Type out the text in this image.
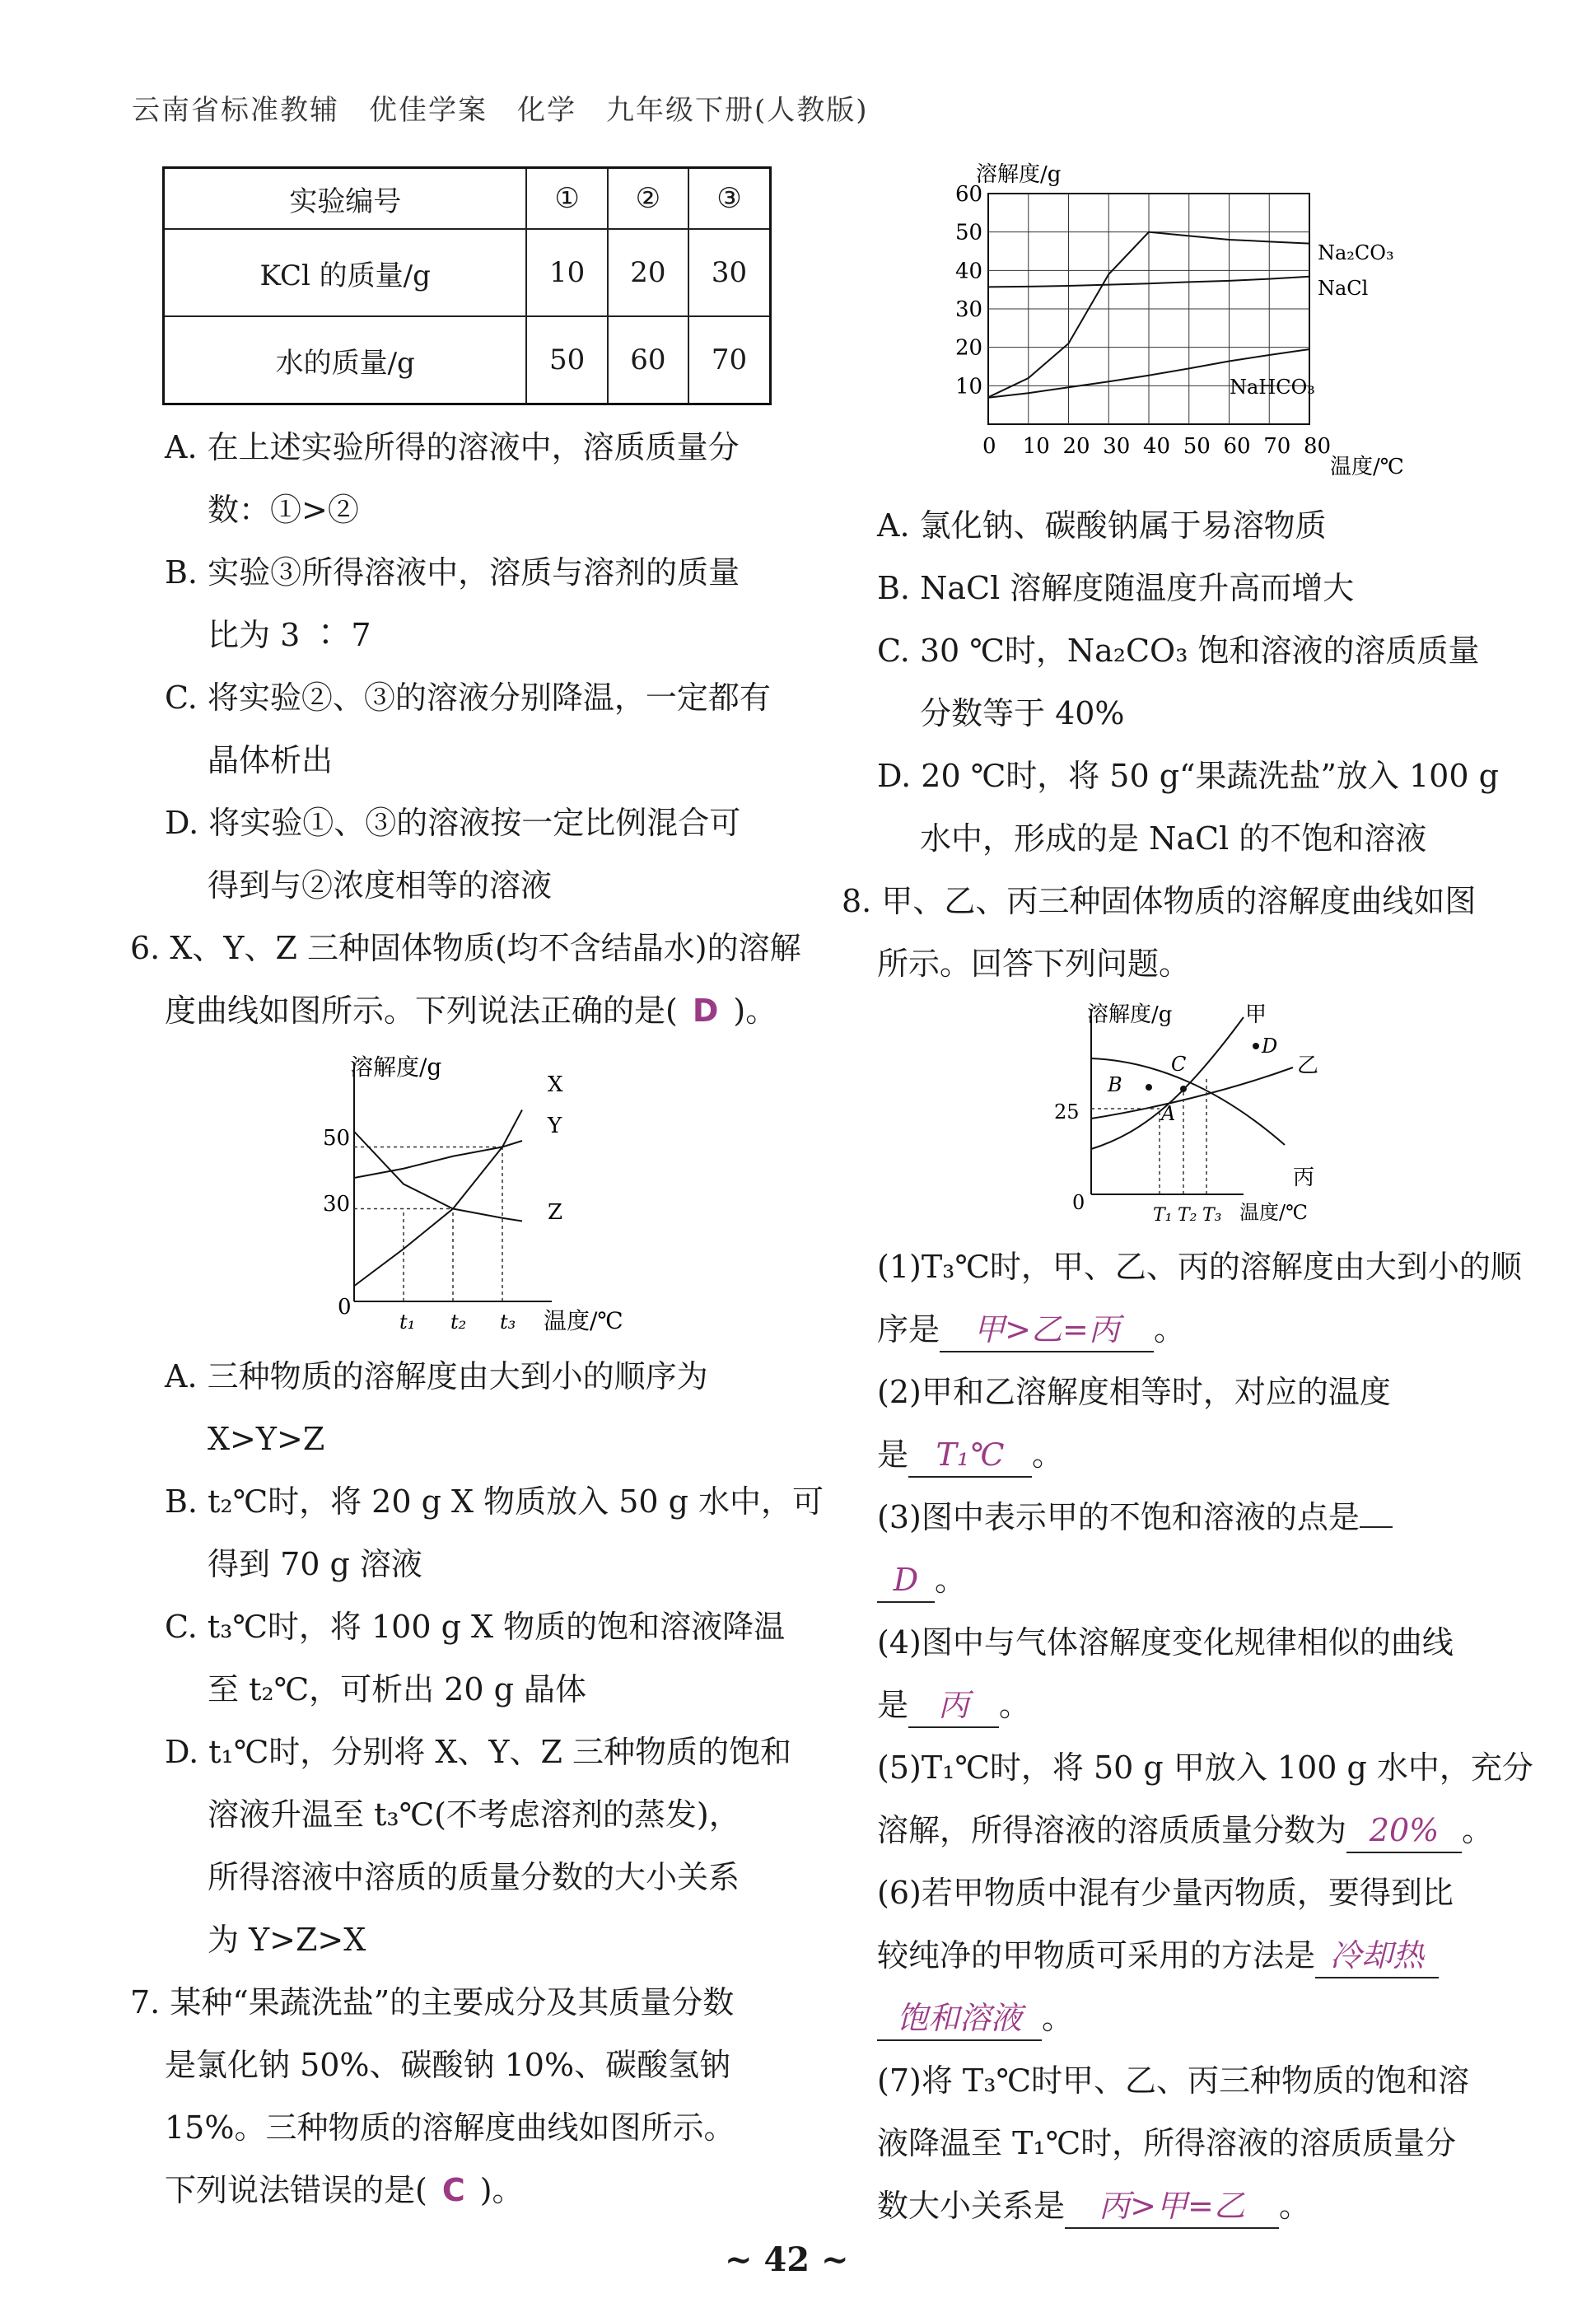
云南省标准教辅　优佳学案　化学　九年级下册(人教版)
实验编号	①	②	③
KCl 的质量/g	10	20	30
水的质量/g	50	60	70
A. 在上述实验所得的溶液中，溶质质量分
数：①>②
B. 实验③所得溶液中，溶质与溶剂的质量
比为 3 ∶ 7
C. 将实验②、③的溶液分别降温，一定都有
晶体析出
D. 将实验①、③的溶液按一定比例混合可
得到与②浓度相等的溶液
6. X、Y、Z 三种固体物质(均不含结晶水)的溶解
度曲线如图所示。下列说法正确的是( D )。
溶解度/g
温度/℃
0
50
30
t₁ t₂ t₃
X
Y
Z
A. 三种物质的溶解度由大到小的顺序为
X>Y>Z
B. t₂℃时，将 20 g X 物质放入 50 g 水中，可
得到 70 g 溶液
C. t₃℃时，将 100 g X 物质的饱和溶液降温
至 t₂℃，可析出 20 g 晶体
D. t₁℃时，分别将 X、Y、Z 三种物质的饱和
溶液升温至 t₃℃(不考虑溶剂的蒸发)，
所得溶液中溶质的质量分数的大小关系
为 Y>Z>X
7. 某种“果蔬洗盐”的主要成分及其质量分数
是氯化钠 50%、碳酸钠 10%、碳酸氢钠
15%。三种物质的溶解度曲线如图所示。
下列说法错误的是( C )。
溶解度/g
温度/℃
0 10 20 30 40 50 60 70 80
10
20
30
40
50
60
Na₂CO₃
NaCl
NaHCO₃
A. 氯化钠、碳酸钠属于易溶物质
B. NaCl 溶解度随温度升高而增大
C. 30 ℃时，Na₂CO₃ 饱和溶液的溶质质量
分数等于 40%
D. 20 ℃时，将 50 g“果蔬洗盐”放入 100 g
水中，形成的是 NaCl 的不饱和溶液
8. 甲、乙、丙三种固体物质的溶解度曲线如图
所示。回答下列问题。
溶解度/g
温度/℃
0
25
T₁ T₂ T₃
甲
乙
丙
A
B
C
D
(1)T₃℃时，甲、乙、丙的溶解度由大到小的顺
序是 甲>乙=丙 。
(2)甲和乙溶解度相等时，对应的温度
是 T₁℃ 。
(3)图中表示甲的不饱和溶液的点是
D 。
(4)图中与气体溶解度变化规律相似的曲线
是 丙 。
(5)T₁℃时，将 50 g 甲放入 100 g 水中，充分
溶解，所得溶液的溶质质量分数为 20% 。
(6)若甲物质中混有少量丙物质，要得到比
较纯净的甲物质可采用的方法是 冷却热
饱和溶液 。
(7)将 T₃℃时甲、乙、丙三种物质的饱和溶
液降温至 T₁℃时，所得溶液的溶质质量分
数大小关系是 丙>甲=乙 。
~ 42 ~
